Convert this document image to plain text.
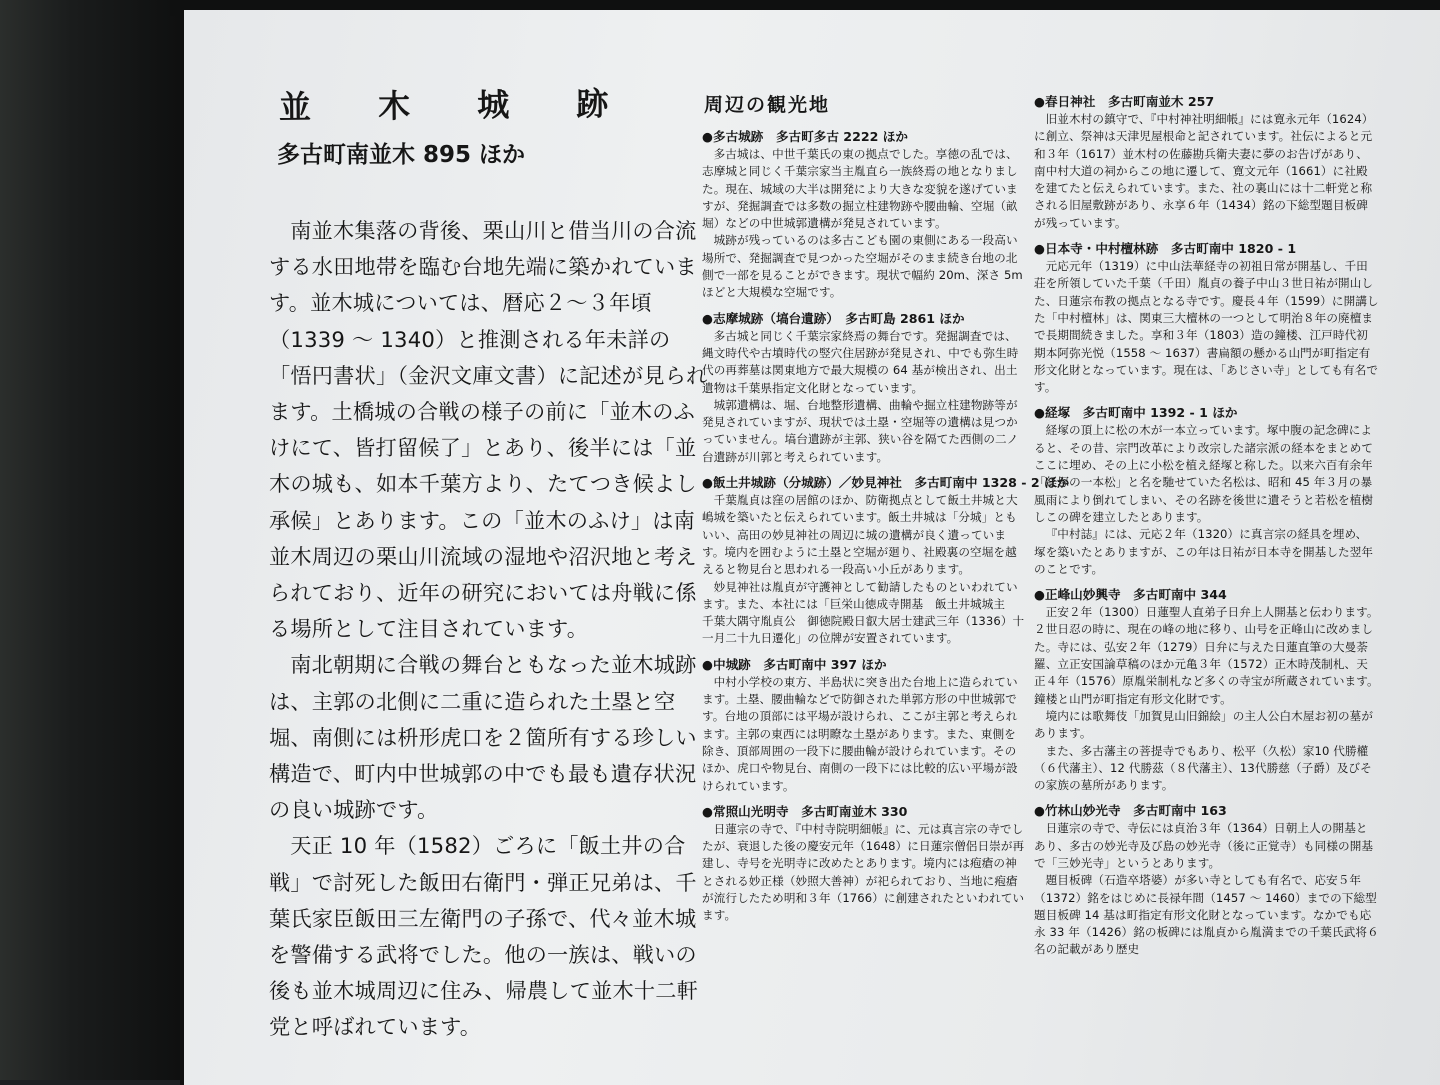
並 木 城 跡
多古町南並木 895 ほか

南並木集落の背後、栗山川と借当川の合流する水田地帯を臨む台地先端に築かれています。並木城については、暦応２～３年頃（1339 ～ 1340）と推測される年未詳の「悟円書状」（金沢文庫文書）に記述が見られます。土橋城の合戦の様子の前に「並木のふけにて、皆打留候了」とあり、後半には「並木の城も、如本千葉方より、たてつき候よし承候」とあります。この「並木のふけ」は南並木周辺の栗山川流域の湿地や沼沢地と考えられており、近年の研究においては舟戦に係る場所として注目されています。

南北朝期に合戦の舞台ともなった並木城跡は、主郭の北側に二重に造られた土塁と空堀、南側には枡形虎口を２箇所有する珍しい構造で、町内中世城郭の中でも最も遺存状況の良い城跡です。

天正 10 年（1582）ごろに「飯土井の合戦」で討死した飯田右衛門・弾正兄弟は、千葉氏家臣飯田三左衛門の子孫で、代々並木城を警備する武将でした。他の一族は、戦いの後も並木城周辺に住み、帰農して並木十二軒党と呼ばれています。

周辺の観光地
●多古城跡　多古町多古 2222 ほか

多古城は、中世千葉氏の東の拠点でした。享徳の乱では、志摩城と同じく千葉宗家当主胤直ら一族終焉の地となりました。現在、城域の大半は開発により大きな変貌を遂げていますが、発掘調査では多数の掘立柱建物跡や腰曲輪、空堀（畝堀）などの中世城郭遺構が発見されています。

城跡が残っているのは多古こども園の東側にある一段高い場所で、発掘調査で見つかった空堀がそのまま続き台地の北側で一部を見ることができます。現状で幅約 20m、深さ 5m ほどと大規模な空堀です。

●志摩城跡（塙台遺跡）　多古町島 2861 ほか

多古城と同じく千葉宗家終焉の舞台です。発掘調査では、縄文時代や古墳時代の竪穴住居跡が発見され、中でも弥生時代の再葬墓は関東地方で最大規模の 64 基が検出され、出土遺物は千葉県指定文化財となっています。

城郭遺構は、堀、台地整形遺構、曲輪や掘立柱建物跡等が発見されていますが、現状では土塁・空堀等の遺構は見つかっていません。塙台遺跡が主郭、狭い谷を隔てた西側の二ノ台遺跡が川郭と考えられています。

●飯土井城跡（分城跡）／妙見神社　多古町南中 1328 - 2 ほか

千葉胤貞は窪の居館のほか、防衛拠点として飯土井城と大嶋城を築いたと伝えられています。飯土井城は「分城」ともいい、高田の妙見神社の周辺に城の遺構が良く遺っています。境内を囲むように土塁と空堀が廻り、社殿裏の空堀を越えると物見台と思われる一段高い小丘があります。

妙見神社は胤貞が守護神として勧請したものといわれています。また、本社には「巨栄山徳成寺開基　飯土井城城主　千葉大隅守胤貞公　御徳院殿日叡大居士建武三年（1336）十一月二十九日遷化」の位牌が安置されています。

●中城跡　多古町南中 397 ほか

中村小学校の東方、半島状に突き出た台地上に造られています。土塁、腰曲輪などで防御された単郭方形の中世城郭です。台地の頂部には平場が設けられ、ここが主郭と考えられます。主郭の東西には明瞭な土塁があります。また、東側を除き、頂部周囲の一段下に腰曲輪が設けられています。そのほか、虎口や物見台、南側の一段下には比較的広い平場が設けられています。

●常照山光明寺　多古町南並木 330

日蓮宗の寺で、『中村寺院明細帳』に、元は真言宗の寺でしたが、衰退した後の慶安元年（1648）に日蓮宗僧侶日崇が再建し、寺号を光明寺に改めたとあります。境内には疱瘡の神とされる妙正様（妙照大善神）が祀られており、当地に疱瘡が流行したため明和３年（1766）に創建されたといわれています。

●春日神社　多古町南並木 257

旧並木村の鎮守で、『中村神社明細帳』には寛永元年（1624）に創立、祭神は天津児屋根命と記されています。社伝によると元和３年（1617）並木村の佐藤勘兵衛夫妻に夢のお告げがあり、南中村大道の祠からこの地に遷して、寛文元年（1661）に社殿を建てたと伝えられています。また、社の裏山には十二軒党と称される旧屋敷跡があり、永享６年（1434）銘の下総型題目板碑が残っています。

●日本寺・中村檀林跡　多古町南中 1820 - 1

元応元年（1319）に中山法華経寺の初祖日常が開基し、千田荘を所領していた千葉（千田）胤貞の養子中山３世日祐が開山した、日蓮宗布教の拠点となる寺です。慶長４年（1599）に開講した「中村檀林」は、関東三大檀林の一つとして明治８年の廃檀まで長期間続きました。享和３年（1803）造の鐘楼、江戸時代初期本阿弥光悦（1558 ～ 1637）書扁額の懸かる山門が町指定有形文化財となっています。現在は、「あじさい寺」としても有名です。

●経塚　多古町南中 1392 - 1 ほか

経塚の頂上に松の木が一本立っています。塚中腹の記念碑によると、その昔、宗門改革により改宗した諸宗派の経本をまとめてここに埋め、その上に小松を植え経塚と称した。以来六百有余年「経塚の一本松」と名を馳せていた名松は、昭和 45 年３月の暴風雨により倒れてしまい、その名跡を後世に遺そうと若松を植樹しこの碑を建立したとあります。

『中村誌』には、元応２年（1320）に真言宗の経具を埋め、塚を築いたとありますが、この年は日祐が日本寺を開基した翌年のことです。

●正峰山妙興寺　多古町南中 344

正安２年（1300）日蓮聖人直弟子日弁上人開基と伝わります。２世日忍の時に、現在の峰の地に移り、山号を正峰山に改めました。寺には、弘安２年（1279）日弁に与えた日蓮直筆の大曼荼羅、立正安国論草稿のほか元亀３年（1572）正木時茂制札、天正４年（1576）原胤栄制札など多くの寺宝が所蔵されています。鐘楼と山門が町指定有形文化財です。

境内には歌舞伎「加賀見山旧錦絵」の主人公白木屋お初の墓があります。

また、多古藩主の菩提寺でもあり、松平（久松）家10 代勝權（６代藩主）、12 代勝茲（８代藩主）、13代勝慈（子爵）及びその家族の墓所があります。

●竹林山妙光寺　多古町南中 163

日蓮宗の寺で、寺伝には貞治３年（1364）日朝上人の開基とあり、多古の妙光寺及び島の妙光寺（後に正覚寺）も同様の開基で「三妙光寺」というとあります。

題目板碑（石造卒塔婆）が多い寺としても有名で、応安５年（1372）銘をはじめに長禄年間（1457 ～ 1460）までの下総型題目板碑 14 基は町指定有形文化財となっています。なかでも応永 33 年（1426）銘の板碑には胤貞から胤満までの千葉氏武将６名の記載があり歴史
